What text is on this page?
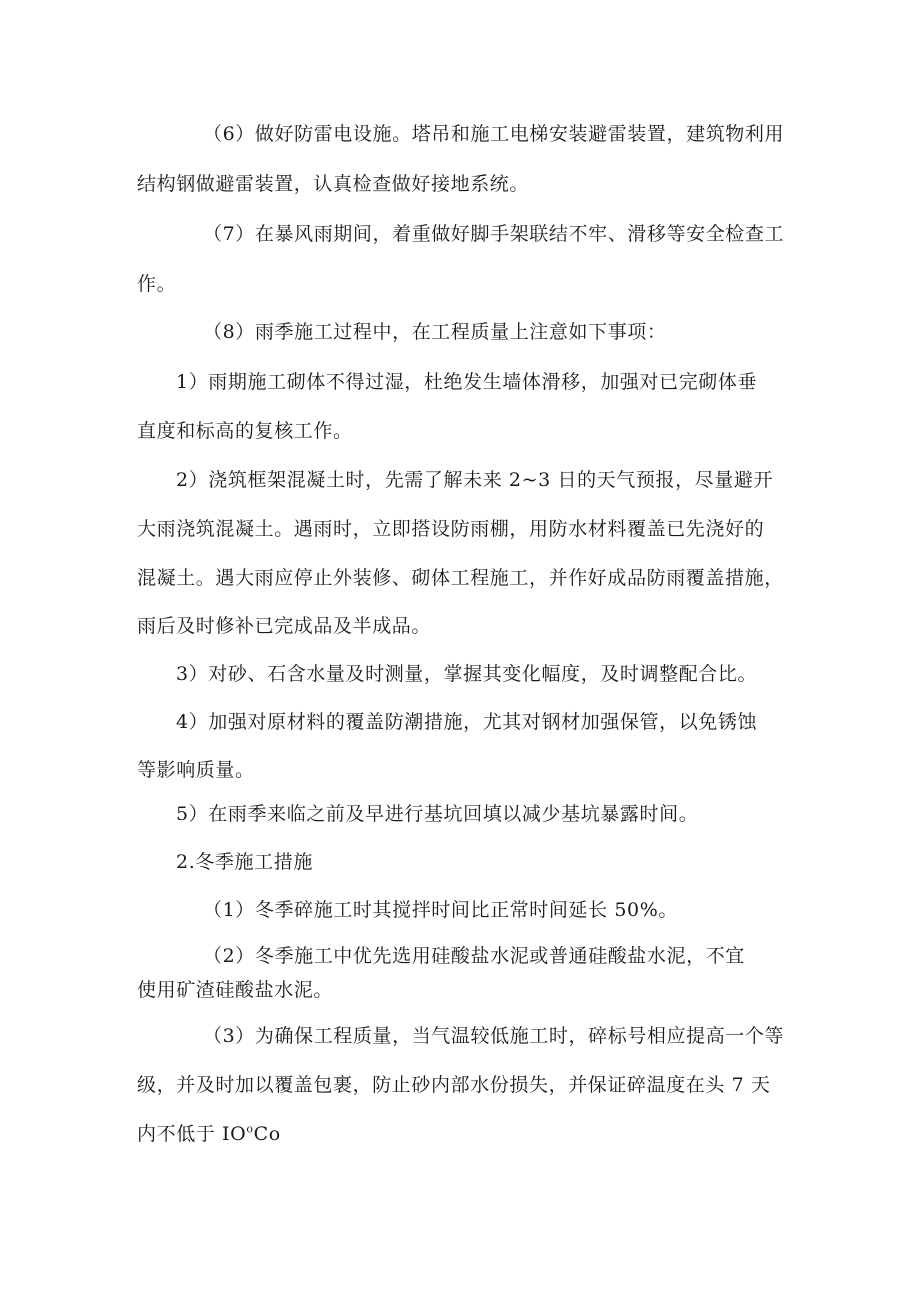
（6）做好防雷电设施。塔吊和施工电梯安装避雷装置，建筑物利用
结构钢做避雷装置，认真检查做好接地系统。
（7）在暴风雨期间，着重做好脚手架联结不牢、滑移等安全检查工
作。
（8）雨季施工过程中，在工程质量上注意如下事项：
1）雨期施工砌体不得过湿，杜绝发生墙体滑移，加强对已完砌体垂
直度和标高的复核工作。
2）浇筑框架混凝土时，先需了解未来 2~3 日的天气预报，尽量避开
大雨浇筑混凝土。遇雨时，立即搭设防雨棚，用防水材料覆盖已先浇好的
混凝土。遇大雨应停止外装修、砌体工程施工，并作好成品防雨覆盖措施，
雨后及时修补已完成品及半成品。
3）对砂、石含水量及时测量，掌握其变化幅度，及时调整配合比。
4）加强对原材料的覆盖防潮措施，尤其对钢材加强保管，以免锈蚀
等影响质量。
5）在雨季来临之前及早进行基坑回填以减少基坑暴露时间。
2.冬季施工措施
（1）冬季碎施工时其搅拌时间比正常时间延长 50%。
（2）冬季施工中优先选用硅酸盐水泥或普通硅酸盐水泥，不宜
使用矿渣硅酸盐水泥。
（3）为确保工程质量，当气温较低施工时，碎标号相应提高一个等
级，并及时加以覆盖包裹，防止砂内部水份损失，并保证碎温度在头 7 天
内不低于 $IO^oCo$
